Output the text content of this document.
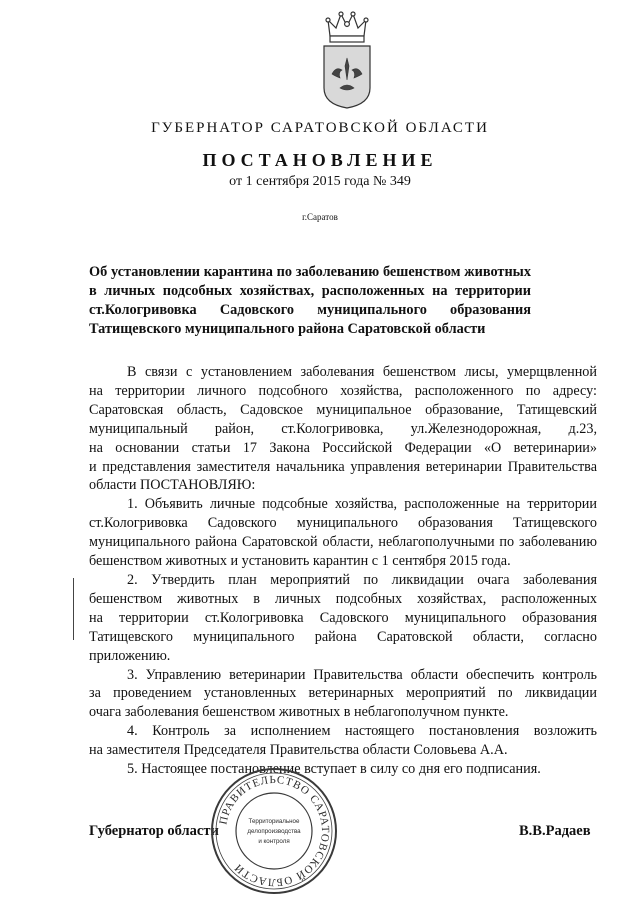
ГУБЕРНАТОР САРАТОВСКОЙ ОБЛАСТИ
ПОСТАНОВЛЕНИЕ
от 1 сентября 2015 года № 349
г.Саратов
Об установлении карантина по заболеванию бешенством животных
в личных подсобных хозяйствах, расположенных на территории
ст.Кологривовка Садовского муниципального образования
Татищевского муниципального района Саратовской области
В связи с установлением заболевания бешенством лисы, умерщвленной
на территории личного подсобного хозяйства, расположенного по адресу:
Саратовская область, Садовское муниципальное образование, Татищевский
муниципальный район, ст.Кологривовка, ул.Железнодорожная, д.23,
на основании статьи 17 Закона Российской Федерации «О ветеринарии»
и представления заместителя начальника управления ветеринарии Правительства
области ПОСТАНОВЛЯЮ:
1. Объявить личные подсобные хозяйства, расположенные на территории
ст.Кологривовка Садовского муниципального образования Татищевского
муниципального района Саратовской области, неблагополучными по заболеванию
бешенством животных и установить карантин с 1 сентября 2015 года.
2. Утвердить план мероприятий по ликвидации очага заболевания
бешенством животных в личных подсобных хозяйствах, расположенных
на территории ст.Кологривовка Садовского муниципального образования
Татищевского муниципального района Саратовской области, согласно
приложению.
3. Управлению ветеринарии Правительства области обеспечить контроль
за проведением установленных ветеринарных мероприятий по ликвидации
очага заболевания бешенством животных в неблагополучном пункте.
4. Контроль за исполнением настоящего постановления возложить
на заместителя Председателя Правительства области Соловьева А.А.
5. Настоящее постановление вступает в силу со дня его подписания.
Губернатор области	В.В.Радаев
ПРАВИТЕЛЬСТВО САРАТОВСКОЙ ОБЛАСТИ
Территориальное
делопроизводства
и контроля
